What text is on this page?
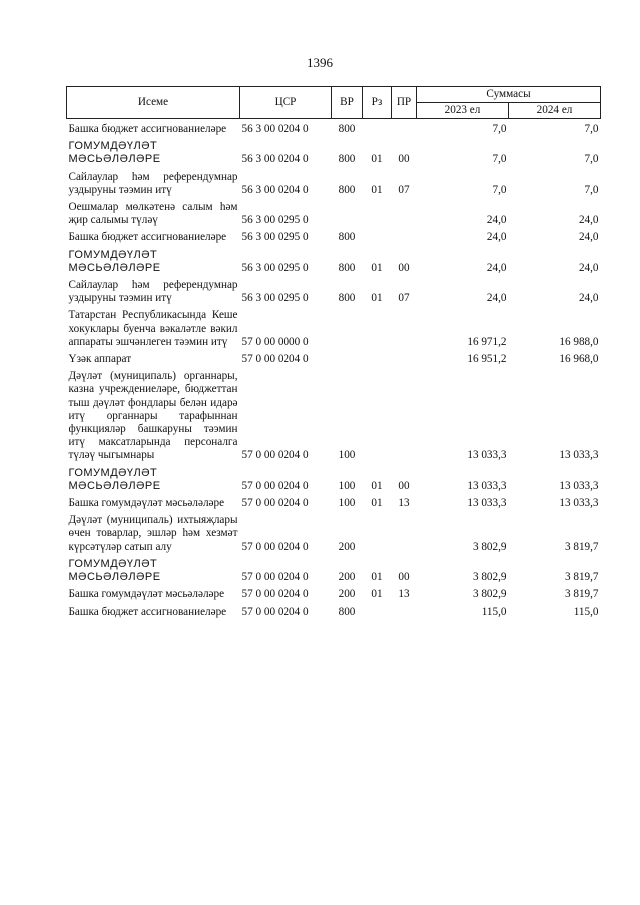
1396
Исеме	ЦСР	ВР	Рз	ПР	Суммасы	
					2023 ел	2024 ел
Башка бюджет ассигнованиеләре	56 3 00 0204 0	800			7,0	7,0
ГОМУМДӘҮЛӘТ МӘСЬӘЛӘЛӘРЕ	56 3 00 0204 0	800	01	00	7,0	7,0
Сайлаулар һәм референдумнар уздыруны тәэмин итү	56 3 00 0204 0	800	01	07	7,0	7,0
Оешмалар мөлкәтенә салым һәм җир салымы түләү	56 3 00 0295 0				24,0	24,0
Башка бюджет ассигнованиеләре	56 3 00 0295 0	800			24,0	24,0
ГОМУМДӘҮЛӘТ МӘСЬӘЛӘЛӘРЕ	56 3 00 0295 0	800	01	00	24,0	24,0
Сайлаулар һәм референдумнар уздыруны тәэмин итү	56 3 00 0295 0	800	01	07	24,0	24,0
Татарстан Республикасында Кеше хокуклары буенча вәкаләтле вәкил аппараты эшчәнлеген тәэмин итү	57 0 00 0000 0				16 971,2	16 988,0
Үзәк аппарат	57 0 00 0204 0				16 951,2	16 968,0
Дәүләт (муниципаль) органнары, казна учреждениеләре, бюджеттан тыш дәүләт фондлары белән идарә итү органнары тарафыннан функцияләр башкаруны тәэмин итү максатларында персоналга түләү чыгымнары	57 0 00 0204 0	100			13 033,3	13 033,3
ГОМУМДӘҮЛӘТ МӘСЬӘЛӘЛӘРЕ	57 0 00 0204 0	100	01	00	13 033,3	13 033,3
Башка гомумдәүләт мәсьәләләре	57 0 00 0204 0	100	01	13	13 033,3	13 033,3
Дәүләт (муниципаль) ихтыяҗлары өчен товарлар, эшләр һәм хезмәт күрсәтүләр сатып алу	57 0 00 0204 0	200			3 802,9	3 819,7
ГОМУМДӘҮЛӘТ МӘСЬӘЛӘЛӘРЕ	57 0 00 0204 0	200	01	00	3 802,9	3 819,7
Башка гомумдәүләт мәсьәләләре	57 0 00 0204 0	200	01	13	3 802,9	3 819,7
Башка бюджет ассигнованиеләре	57 0 00 0204 0	800			115,0	115,0
